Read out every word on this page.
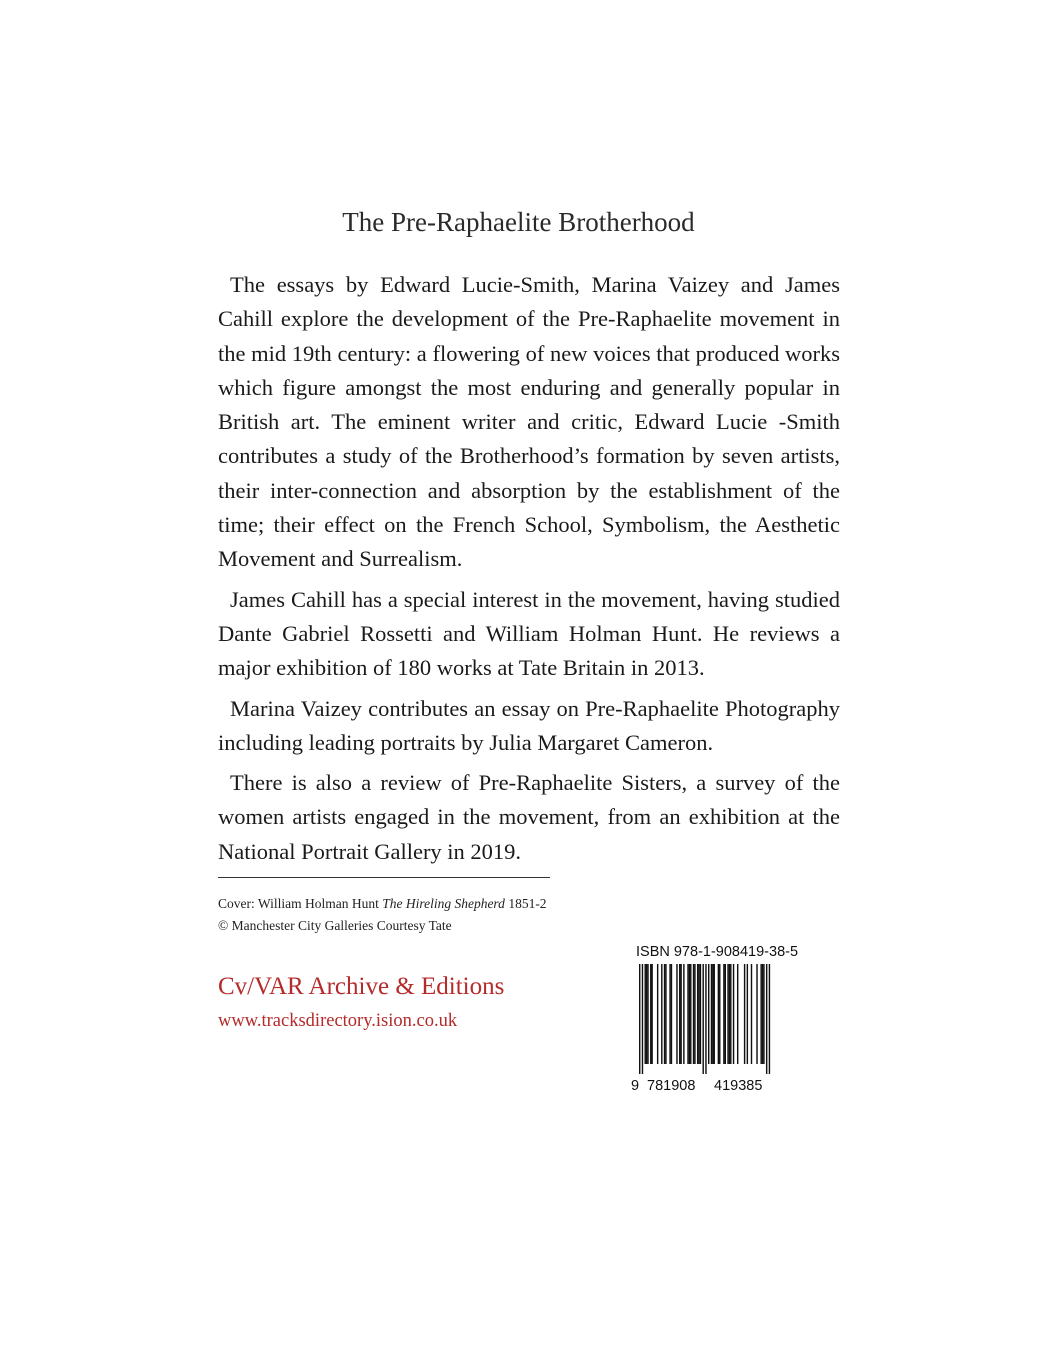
The Pre-Raphaelite Brotherhood

The essays by Edward Lucie-Smith, Marina Vaizey and James Cahill explore the development of the Pre-Raphaelite movement in the mid 19th century: a flowering of new voices that produced works which figure amongst the most enduring and generally popular in British art. The eminent writer and critic, Edward Lucie -Smith contributes a study of the Brotherhood’s formation by seven artists, their inter-connection and absorption by the establishment of the time; their effect on the French School, Symbolism, the Aesthetic Movement and Surrealism.

James Cahill has a special interest in the movement, having studied Dante Gabriel Rossetti and William Holman Hunt. He reviews a major exhibition of 180 works at Tate Britain in 2013.

Marina Vaizey contributes an essay on Pre-Raphaelite Photography including leading portraits by Julia Margaret Cameron.

There is also a review of Pre-Raphaelite Sisters, a survey of the women artists engaged in the movement, from an exhibition at the National Portrait Gallery in 2019.

Cover: William Holman Hunt The Hireling Shepherd 1851-2
© Manchester City Galleries Courtesy Tate
Cv/VAR Archive & Editions
www.tracksdirectory.ision.co.uk
ISBN 978-1-908419-38-5
9 781908 419385
